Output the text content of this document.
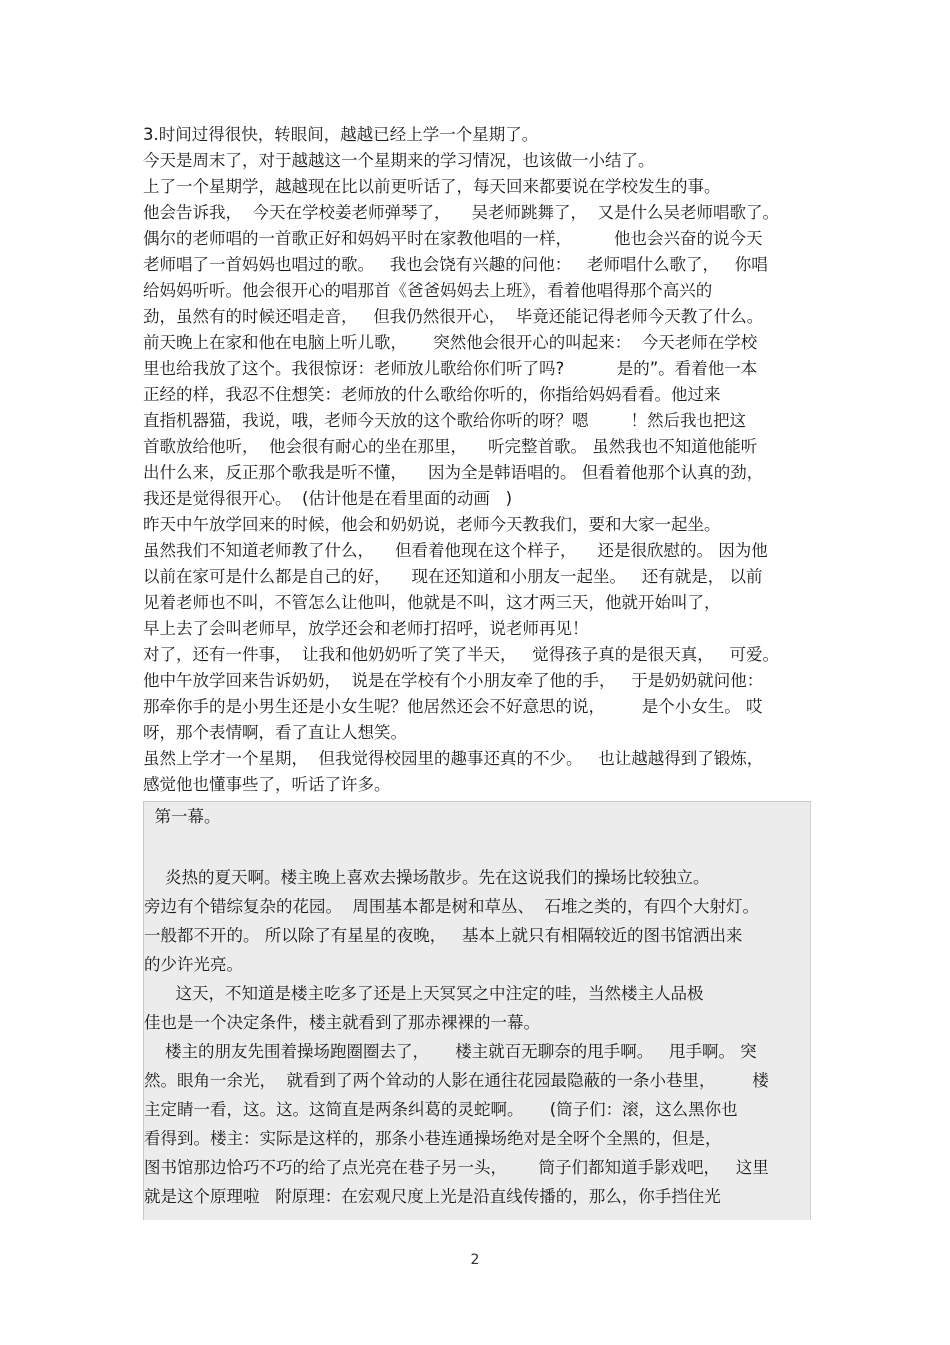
3.时间过得很快，转眼间，越越已经上学一个星期了。
今天是周末了，对于越越这一个星期来的学习情况，也该做一小结了。
上了一个星期学，越越现在比以前更听话了，每天回来都要说在学校发生的事。
他会告诉我，  今天在学校姜老师弹琴了，    吴老师跳舞了，  又是什么吴老师唱歌了。
偶尔的老师唱的一首歌正好和妈妈平时在家教他唱的一样，        他也会兴奋的说今天
老师唱了一首妈妈也唱过的歌。   我也会饶有兴趣的问他：   老师唱什么歌了，   你唱
给妈妈听听。他会很开心的唱那首《爸爸妈妈去上班》，看着他唱得那个高兴的
劲，虽然有的时候还唱走音，   但我仍然很开心，  毕竟还能记得老师今天教了什么。
前天晚上在家和他在电脑上听儿歌，     突然他会很开心的叫起来：  今天老师在学校
里也给我放了这个。我很惊讶：老师放儿歌给你们听了吗?          是的”。看着他一本
正经的样，我忍不住想笑：老师放的什么歌给你听的，你指给妈妈看看。他过来
直指机器猫，我说，哦，老师今天放的这个歌给你听的呀？嗯        ！然后我也把这
首歌放给他听，  他会很有耐心的坐在那里，    听完整首歌。 虽然我也不知道他能听
出什么来，反正那个歌我是听不懂，    因为全是韩语唱的。 但看着他那个认真的劲，
我还是觉得很开心。  (估计他是在看里面的动画   )
昨天中午放学回来的时候，他会和奶奶说，老师今天教我们，要和大家一起坐。
虽然我们不知道老师教了什么，    但看着他现在这个样子，    还是很欣慰的。 因为他
以前在家可是什么都是自己的好，    现在还知道和小朋友一起坐。   还有就是， 以前
见着老师也不叫，不管怎么让他叫，他就是不叫，这才两三天，他就开始叫了，
早上去了会叫老师早，放学还会和老师打招呼，说老师再见！
对了，还有一件事，  让我和他奶奶听了笑了半天，   觉得孩子真的是很天真，   可爱。
他中午放学回来告诉奶奶，  说是在学校有个小朋友牵了他的手，   于是奶奶就问他：
那牵你手的是小男生还是小女生呢？他居然还会不好意思的说，       是个小女生。 哎
呀，那个表情啊，看了直让人想笑。
虽然上学才一个星期，  但我觉得校园里的趣事还真的不少。   也让越越得到了锻炼，
感觉他也懂事些了，听话了许多。
第一幕。
炎热的夏天啊。楼主晚上喜欢去操场散步。先在这说我们的操场比较独立。
旁边有个错综复杂的花园。  周围基本都是树和草丛、  石堆之类的，有四个大射灯。
一般都不开的。 所以除了有星星的夜晚，   基本上就只有相隔较近的图书馆洒出来
的少许光亮。
这天，不知道是楼主吃多了还是上天冥冥之中注定的哇，当然楼主人品极
佳也是一个决定条件，楼主就看到了那赤裸裸的一幕。
楼主的朋友先围着操场跑圈圈去了，     楼主就百无聊奈的甩手啊。   甩手啊。 突
然。眼角一余光，  就看到了两个耸动的人影在通往花园最隐蔽的一条小巷里，       楼
主定睛一看，这。这。这简直是两条纠葛的灵蛇啊。     (筒子们：滚，这么黑你也
看得到。楼主：实际是这样的，那条小巷连通操场绝对是全呀个全黑的，但是，
图书馆那边恰巧不巧的给了点光亮在巷子另一头，      筒子们都知道手影戏吧，   这里
就是这个原理啦   附原理：在宏观尺度上光是沿直线传播的，那么，你手挡住光
2
